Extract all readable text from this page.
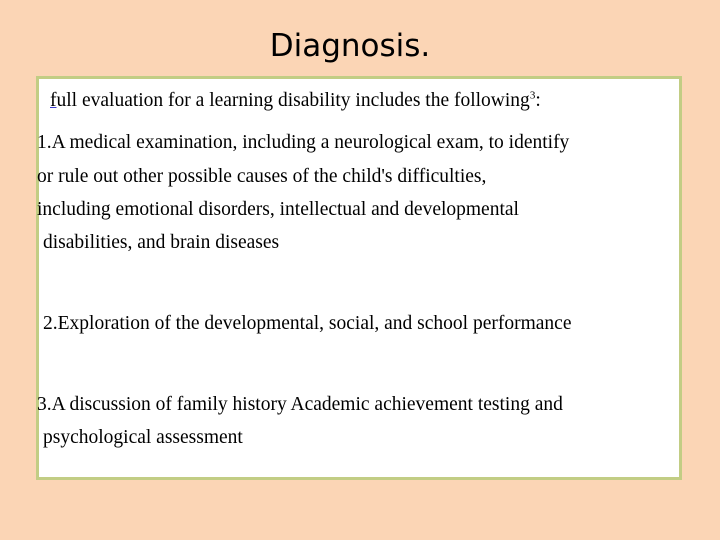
Diagnosis.
full evaluation for a learning disability includes the following$^3$:
1.A medical examination, including a neurological exam, to identify
or rule out other possible causes of the child's difficulties,
including emotional disorders, intellectual and developmental
disabilities, and brain diseases
2.Exploration of the developmental, social, and school performance
3.A discussion of family history Academic achievement testing and
psychological assessment
